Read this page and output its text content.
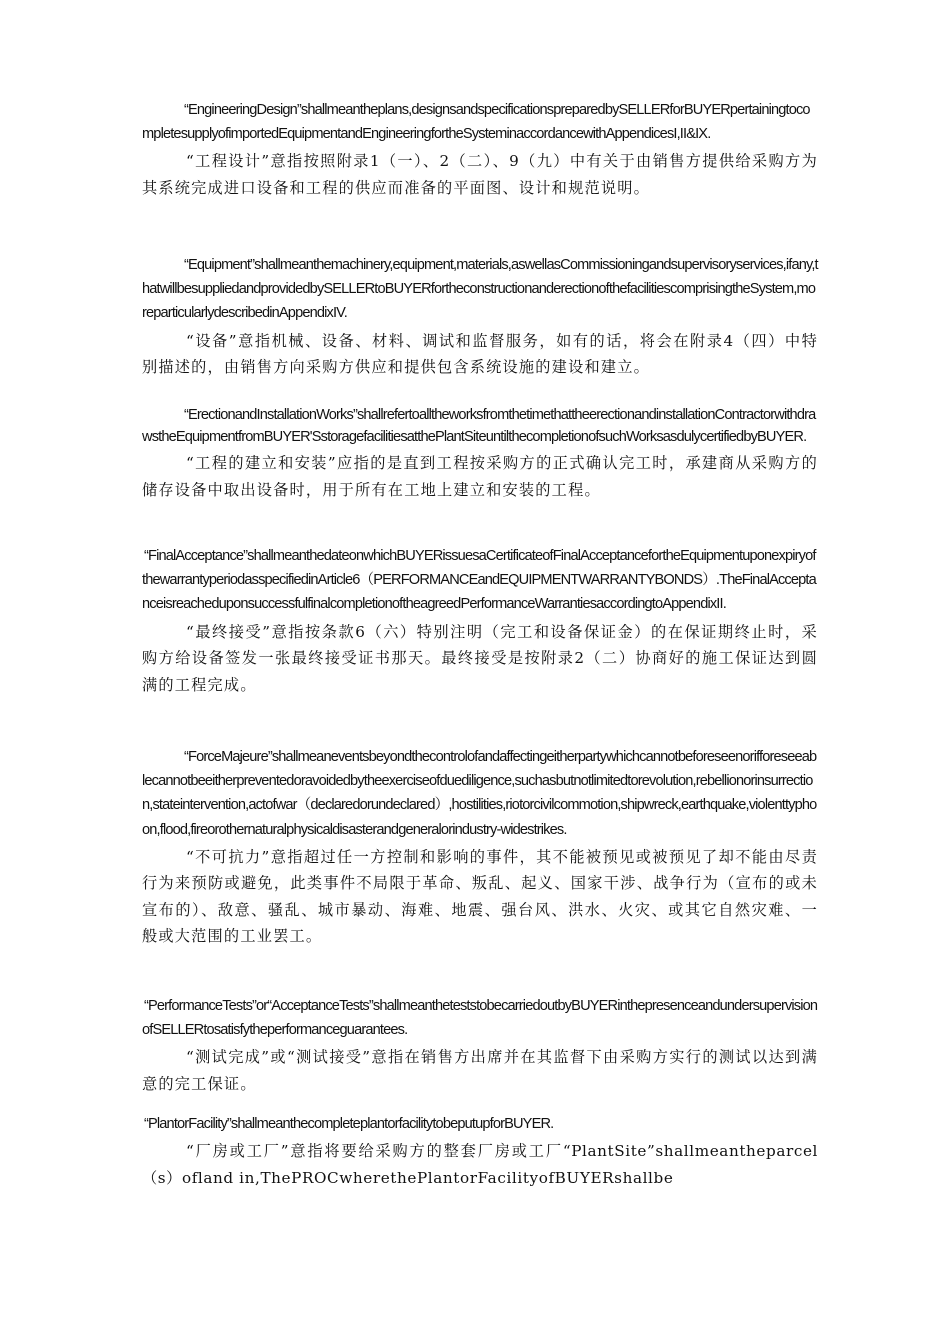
“EngineeringDesign”shallmeantheplans,designsandspecificationspreparedbySELLERforBUYERpertainingtocompletesupplyofimportedEquipmentandEngineeringfortheSysteminaccordancewithAppendicesI,II&IX.

“工程设计”意指按照附录1（一）、2（二）、9（九）中有关于由销售方提供给采购方为其系统完成进口设备和工程的供应而准备的平面图、设计和规范说明。

“Equipment”shallmeanthemachinery,equipment,materials,aswellasCommissioningandsupervisoryservices,ifany,thatwillbesuppliedandprovidedbySELLERtoBUYERfortheconstructionanderectionofthefacilitiescomprisingtheSystem,moreparticularlydescribedinAppendixIV.

“设备”意指机械、设备、材料、调试和监督服务，如有的话，将会在附录4（四）中特别描述的，由销售方向采购方供应和提供包含系统设施的建设和建立。

“ErectionandInstallationWorks”shallrefertoalltheworksfromthetimethattheerectionandinstallationContractorwithdrawstheEquipmentfromBUYER'SstoragefacilitiesatthePlantSiteuntilthecompletionofsuchWorksasdulycertifiedbyBUYER.

“工程的建立和安装”应指的是直到工程按采购方的正式确认完工时，承建商从采购方的储存设备中取出设备时，用于所有在工地上建立和安装的工程。

“FinalAcceptance”shallmeanthedateonwhichBUYERissuesaCertificateofFinalAcceptancefortheEquipmentuponexpiryofthewarrantyperiodasspecifiedinArticle6（PERFORMANCEandEQUIPMENTWARRANTYBONDS）.TheFinalAcceptanceisreacheduponsuccessfulfinalcompletionoftheagreedPerformanceWarrantiesaccordingtoAppendixII.

“最终接受”意指按条款6（六）特别注明（完工和设备保证金）的在保证期终止时，采购方给设备签发一张最终接受证书那天。最终接受是按附录2（二）协商好的施工保证达到圆满的工程完成。

“ForceMajeure”shallmeaneventsbeyondthecontrolofandaffectingeitherpartywhichcannotbeforeseenorifforeseeablecannotbeeitherpreventedoravoidedbytheexerciseofduediligence,suchasbutnotlimitedtorevolution,rebellionorinsurrection,stateintervention,actofwar（declaredorundeclared）,hostilities,riotorcivilcommotion,shipwreck,earthquake,violenttyphoon,flood,fireorothernaturalphysicaldisasterandgeneralorindustry-widestrikes.

“不可抗力”意指超过任一方控制和影响的事件，其不能被预见或被预见了却不能由尽责行为来预防或避免，此类事件不局限于革命、叛乱、起义、国家干涉、战争行为（宣布的或未宣布的）、敌意、骚乱、城市暴动、海难、地震、强台风、洪水、火灾、或其它自然灾难、一般或大范围的工业罢工。

“PerformanceTests”or“AcceptanceTests”shallmeantheteststobecarriedoutbyBUYERinthepresenceandundersupervisionofSELLERtosatisfytheperformanceguarantees.

“测试完成”或“测试接受”意指在销售方出席并在其监督下由采购方实行的测试以达到满意的完工保证。

“PlantorFacility”shallmeanthecompleteplantorfacilitytobeputupforBUYER.

“厂房或工厂”意指将要给采购方的整套厂房或工厂“PlantSite”shallmeantheparcel（s）ofland in,ThePROCwherethePlantorFacilityofBUYERshallbe
